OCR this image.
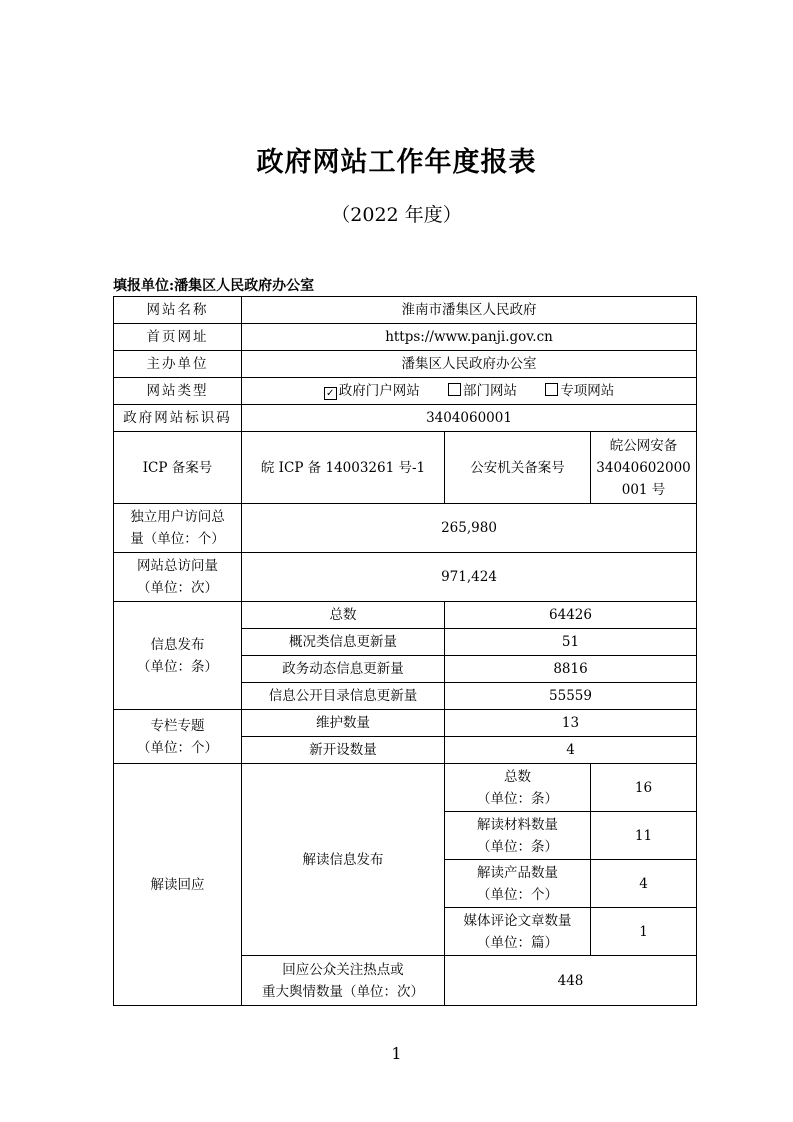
政府网站工作年度报表
（2022 年度）
填报单位:潘集区人民政府办公室
网站名称	淮南市潘集区人民政府		
首页网址	https://www.panji.gov.cn		
主办单位	潘集区人民政府办公室		
网站类型	✓ 政府门户网站 部门网站 专项网站		
政府网站标识码	3404060001		
ICP 备案号	皖 ICP 备 14003261 号-1	公安机关备案号	皖公网安备
34040602000
001 号

独立用户访问总
量（单位：个）	265,980		

网站总访问量
（单位：次）	971,424		

信息发布
（单位：条）	总数	64426	
	概况类信息更新量	51	
	政务动态信息更新量	8816	
	信息公开目录信息更新量	55559	

专栏专题
（单位：个）	维护数量	13	
	新开设数量	4	
解读回应	解读信息发布	总数
（单位：条）	16

		解读材料数量
（单位：条）	11

		解读产品数量
（单位：个）	4

		媒体评论文章数量
（单位：篇）	1

	回应公众关注热点或
重大舆情数量（单位：次）	448	
1
